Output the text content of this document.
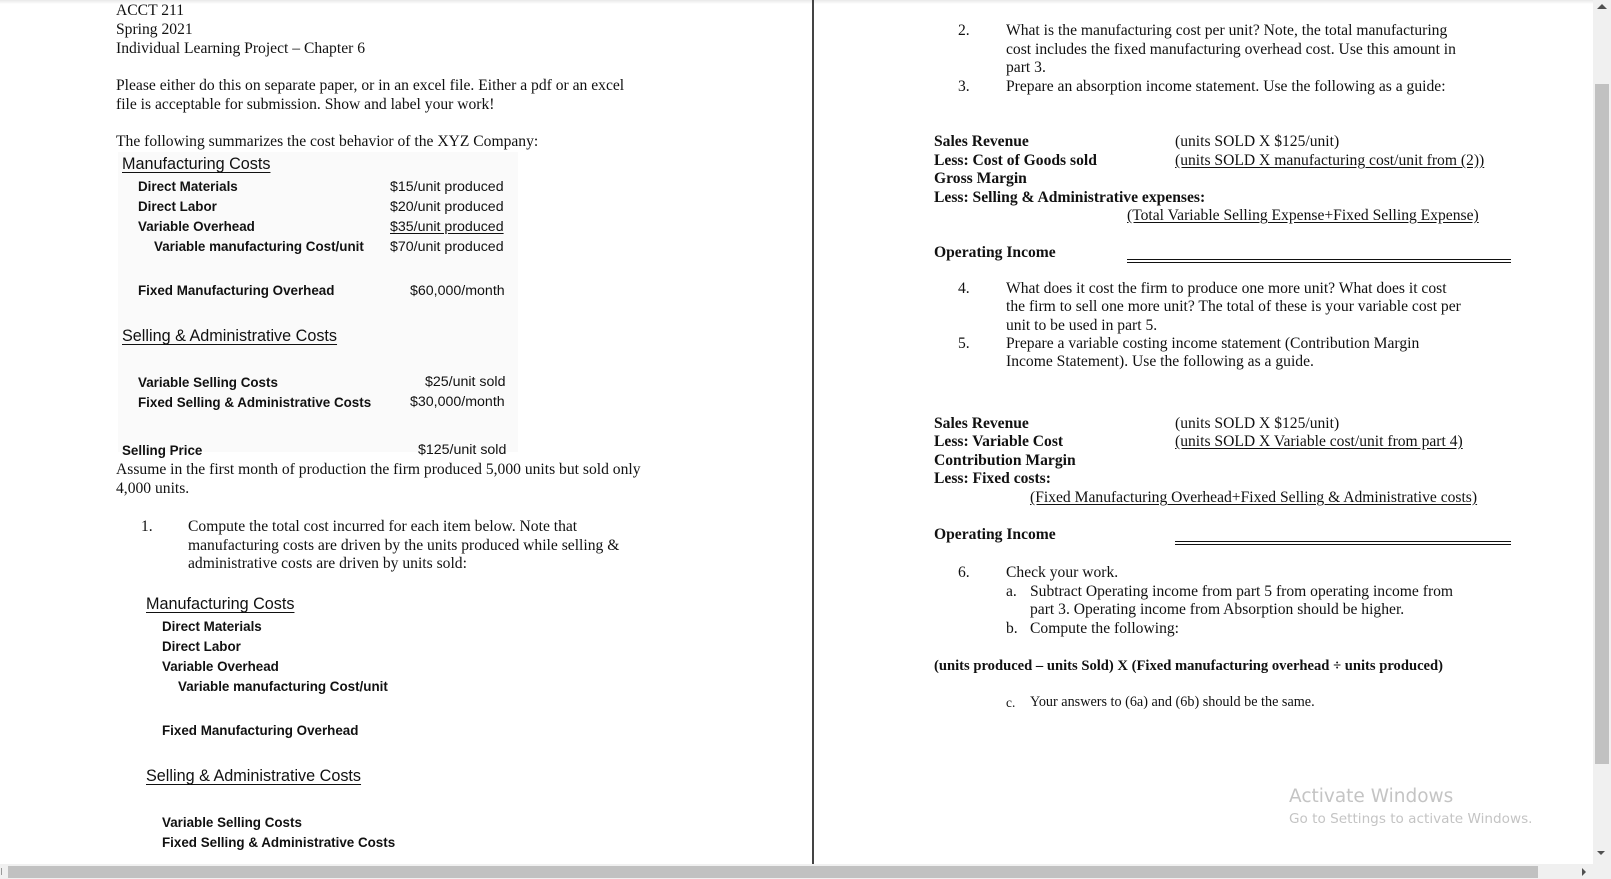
ACCT 211
Spring 2021
Individual Learning Project – Chapter 6
Please either do this on separate paper, or in an excel file. Either a pdf or an excel
file is acceptable for submission. Show and label your work!
The following summarizes the cost behavior of the XYZ Company:
Manufacturing Costs
Direct Materials	$15/unit produced
Direct Labor	$20/unit produced
Variable Overhead	$35/unit produced
Variable manufacturing Cost/unit $70/unit produced
Fixed Manufacturing Overhead	$60,000/month
Selling & Administrative Costs
Variable Selling Costs	$25/unit sold
Fixed Selling & Administrative Costs	$30,000/month
Selling Price	$125/unit sold
Assume in the first month of production the firm produced 5,000 units but sold only
4,000 units.
1. Compute the total cost incurred for each item below. Note that
manufacturing costs are driven by the units produced while selling &
administrative costs are driven by units sold:
Manufacturing Costs
Direct Materials
Direct Labor
Variable Overhead
Variable manufacturing Cost/unit
Fixed Manufacturing Overhead
Selling & Administrative Costs
Variable Selling Costs
Fixed Selling & Administrative Costs
2. What is the manufacturing cost per unit? Note, the total manufacturing
cost includes the fixed manufacturing overhead cost. Use this amount in
part 3.
3. Prepare an absorption income statement. Use the following as a guide:
Sales Revenue	(units SOLD X $125/unit)
Less: Cost of Goods sold	(units SOLD X manufacturing cost/unit from (2))
Gross Margin
Less: Selling & Administrative expenses:
(Total Variable Selling Expense+Fixed Selling Expense)
Operating Income
4. What does it cost the firm to produce one more unit? What does it cost
the firm to sell one more unit? The total of these is your variable cost per
unit to be used in part 5.
5. Prepare a variable costing income statement (Contribution Margin
Income Statement). Use the following as a guide.
Sales Revenue	(units SOLD X $125/unit)
Less: Variable Cost	(units SOLD X Variable cost/unit from part 4)
Contribution Margin
Less: Fixed costs:
(Fixed Manufacturing Overhead+Fixed Selling & Administrative costs)
Operating Income
6. Check your work.
a. Subtract Operating income from part 5 from operating income from
part 3. Operating income from Absorption should be higher.
b. Compute the following:
(units produced – units Sold) X (Fixed manufacturing overhead ÷ units produced)
c. Your answers to (6a) and (6b) should be the same.
Activate Windows
Go to Settings to activate Windows.
